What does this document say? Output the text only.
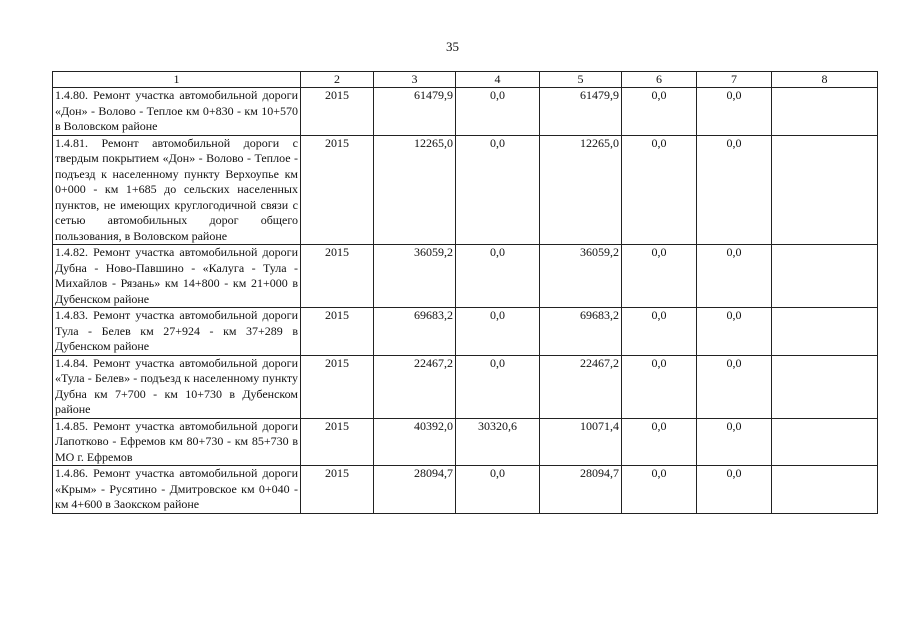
35
1	2	3	4	5	6	7	8
1.4.80. Ремонт участка автомобильной дороги «Дон» - Волово - Теплое км 0+830 - км 10+570 в Воловском районе	2015	61479,9	0,0	61479,9	0,0	0,0	
1.4.81. Ремонт автомобильной дороги с твердым покрытием «Дон» - Волово - Теплое - подъезд к населенному пункту Верхоупье км 0+000 - км 1+685 до сельских населенных пунктов, не имеющих круглогодичной связи с сетью автомобильных дорог общего пользования, в Воловском районе	2015	12265,0	0,0	12265,0	0,0	0,0	
1.4.82. Ремонт участка автомобильной дороги Дубна - Ново-Павшино - «Калуга - Тула - Михайлов - Рязань» км 14+800 - км 21+000 в Дубенском районе	2015	36059,2	0,0	36059,2	0,0	0,0	
1.4.83. Ремонт участка автомобильной дороги Тула - Белев км 27+924 - км 37+289 в Дубенском районе	2015	69683,2	0,0	69683,2	0,0	0,0	
1.4.84. Ремонт участка автомобильной дороги «Тула - Белев» - подъезд к населенному пункту Дубна км 7+700 - км 10+730 в Дубенском районе	2015	22467,2	0,0	22467,2	0,0	0,0	
1.4.85. Ремонт участка автомобильной дороги Лапотково - Ефремов км 80+730 - км 85+730 в МО г. Ефремов	2015	40392,0	30320,6	10071,4	0,0	0,0	
1.4.86. Ремонт участка автомобильной дороги «Крым» - Русятино - Дмитровское км 0+040 - км 4+600 в Заокском районе	2015	28094,7	0,0	28094,7	0,0	0,0	
